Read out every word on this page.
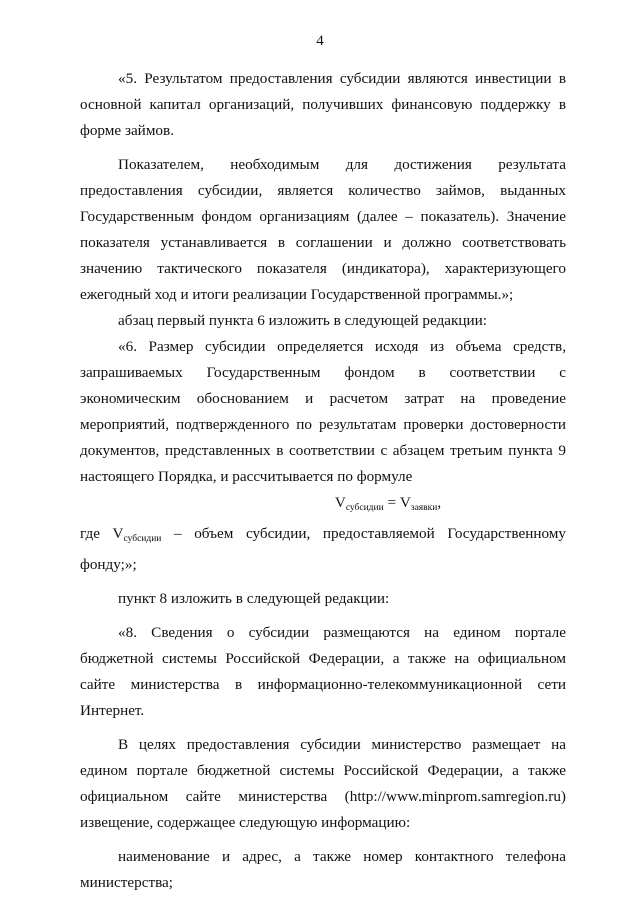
4

«5. Результатом предоставления субсидии являются инвестиции в основной капитал организаций, получивших финансовую поддержку в форме займов.

Показателем, необходимым для достижения результата предоставления субсидии, является количество займов, выданных Государственным фондом организациям (далее – показатель). Значение показателя устанавливается в соглашении и должно соответствовать значению тактического показателя (индикатора), характеризующего ежегодный ход и итоги реализации Государственной программы.»;

абзац первый пункта 6 изложить в следующей редакции:

«6. Размер субсидии определяется исходя из объема средств, запрашиваемых Государственным фондом в соответствии с экономическим обоснованием и расчетом затрат на проведение мероприятий, подтвержденного по результатам проверки достоверности документов, представленных в соответствии с абзацем третьим пункта 9 настоящего Порядка, и рассчитывается по формуле

$V_{субсидии} = V_{заявки}$,

где $V_{субсидии}$ – объем субсидии, предоставляемой Государственному фонду;»;

пункт 8 изложить в следующей редакции:

«8. Сведения о субсидии размещаются на едином портале бюджетной системы Российской Федерации, а также на официальном сайте министерства в информационно-телекоммуникационной сети Интернет.

В целях предоставления субсидии министерство размещает на едином портале бюджетной системы Российской Федерации, а также официальном сайте министерства (http://www.minprom.samregion.ru) извещение, содержащее следующую информацию:

наименование и адрес, а также номер контактного телефона министерства;
